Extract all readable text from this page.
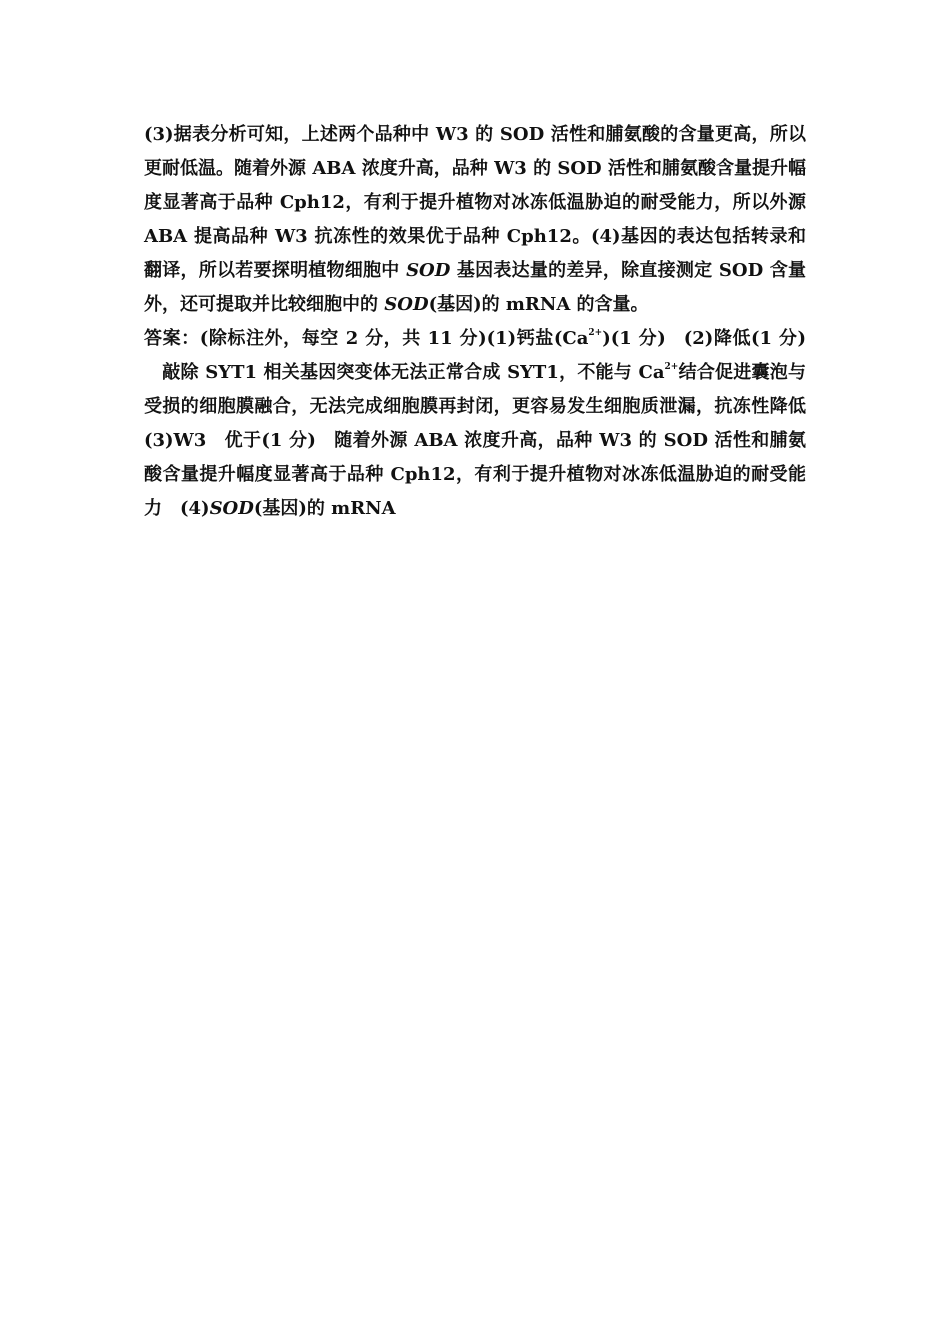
(3)据表分析可知，上述两个品种中 W3 的 SOD 活性和脯氨酸的含量更高，所以更耐低温。随着外源 ABA 浓度升高，品种 W3 的 SOD 活性和脯氨酸含量提升幅度显著高于品种 Cph12，有利于提升植物对冰冻低温胁迫的耐受能力，所以外源 ABA 提高品种 W3 抗冻性的效果优于品种 Cph12。(4)基因的表达包括转录和翻译，所以若要探明植物细胞中 SOD 基因表达量的差异，除直接测定 SOD 含量外，还可提取并比较细胞中的 SOD(基因)的 mRNA 的含量。

答案：(除标注外，每空 2 分，共 11 分)(1)钙盐$(Ca^{2+})(1$ 分) (2)降低(1 分)敲除 SYT1 相关基因突变体无法正常合成 SYT1，不能与 $Ca^{2+}$结合促进囊泡与受损的细胞膜融合，无法完成细胞膜再封闭，更容易发生细胞质泄漏，抗冻性降低(3)W3 优于(1 分) 随着外源 ABA 浓度升高，品种 W3 的 SOD 活性和脯氨酸含量提升幅度显著高于品种 Cph12，有利于提升植物对冰冻低温胁迫的耐受能力 (4)SOD(基因)的 mRNA
